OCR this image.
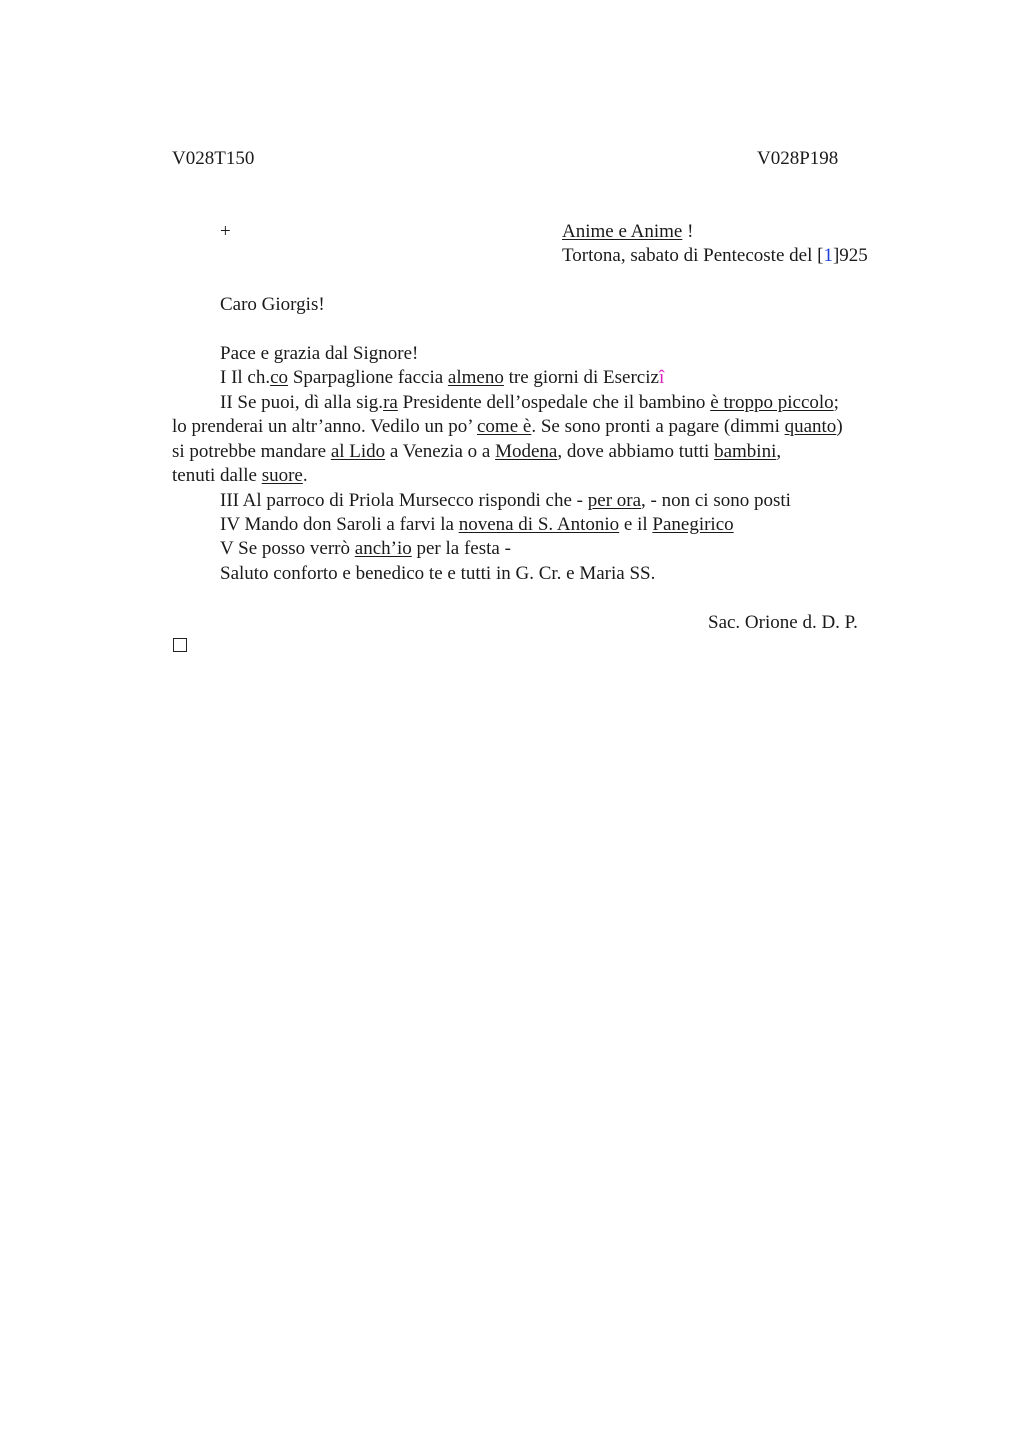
V028T150	V028P198
+	Anime e Anime !
Tortona, sabato di Pentecoste del [1]925
Caro Giorgis!
Pace e grazia dal Signore!
I Il ch.co Sparpaglione faccia almeno tre giorni di Esercizî
II Se puoi, dì alla sig.ra Presidente dell’ospedale che il bambino è troppo piccolo;
lo prenderai un altr’anno. Vedilo un po’ come è. Se sono pronti a pagare (dimmi quanto)
si potrebbe mandare al Lido a Venezia o a Modena, dove abbiamo tutti bambini,
tenuti dalle suore.
III Al parroco di Priola Mursecco rispondi che - per ora, - non ci sono posti
IV Mando don Saroli a farvi la novena di S. Antonio e il Panegirico
V Se posso verrò anch’io per la festa -
Saluto conforto e benedico te e tutti in G. Cr. e Maria SS.
Sac. Orione d. D. P.
